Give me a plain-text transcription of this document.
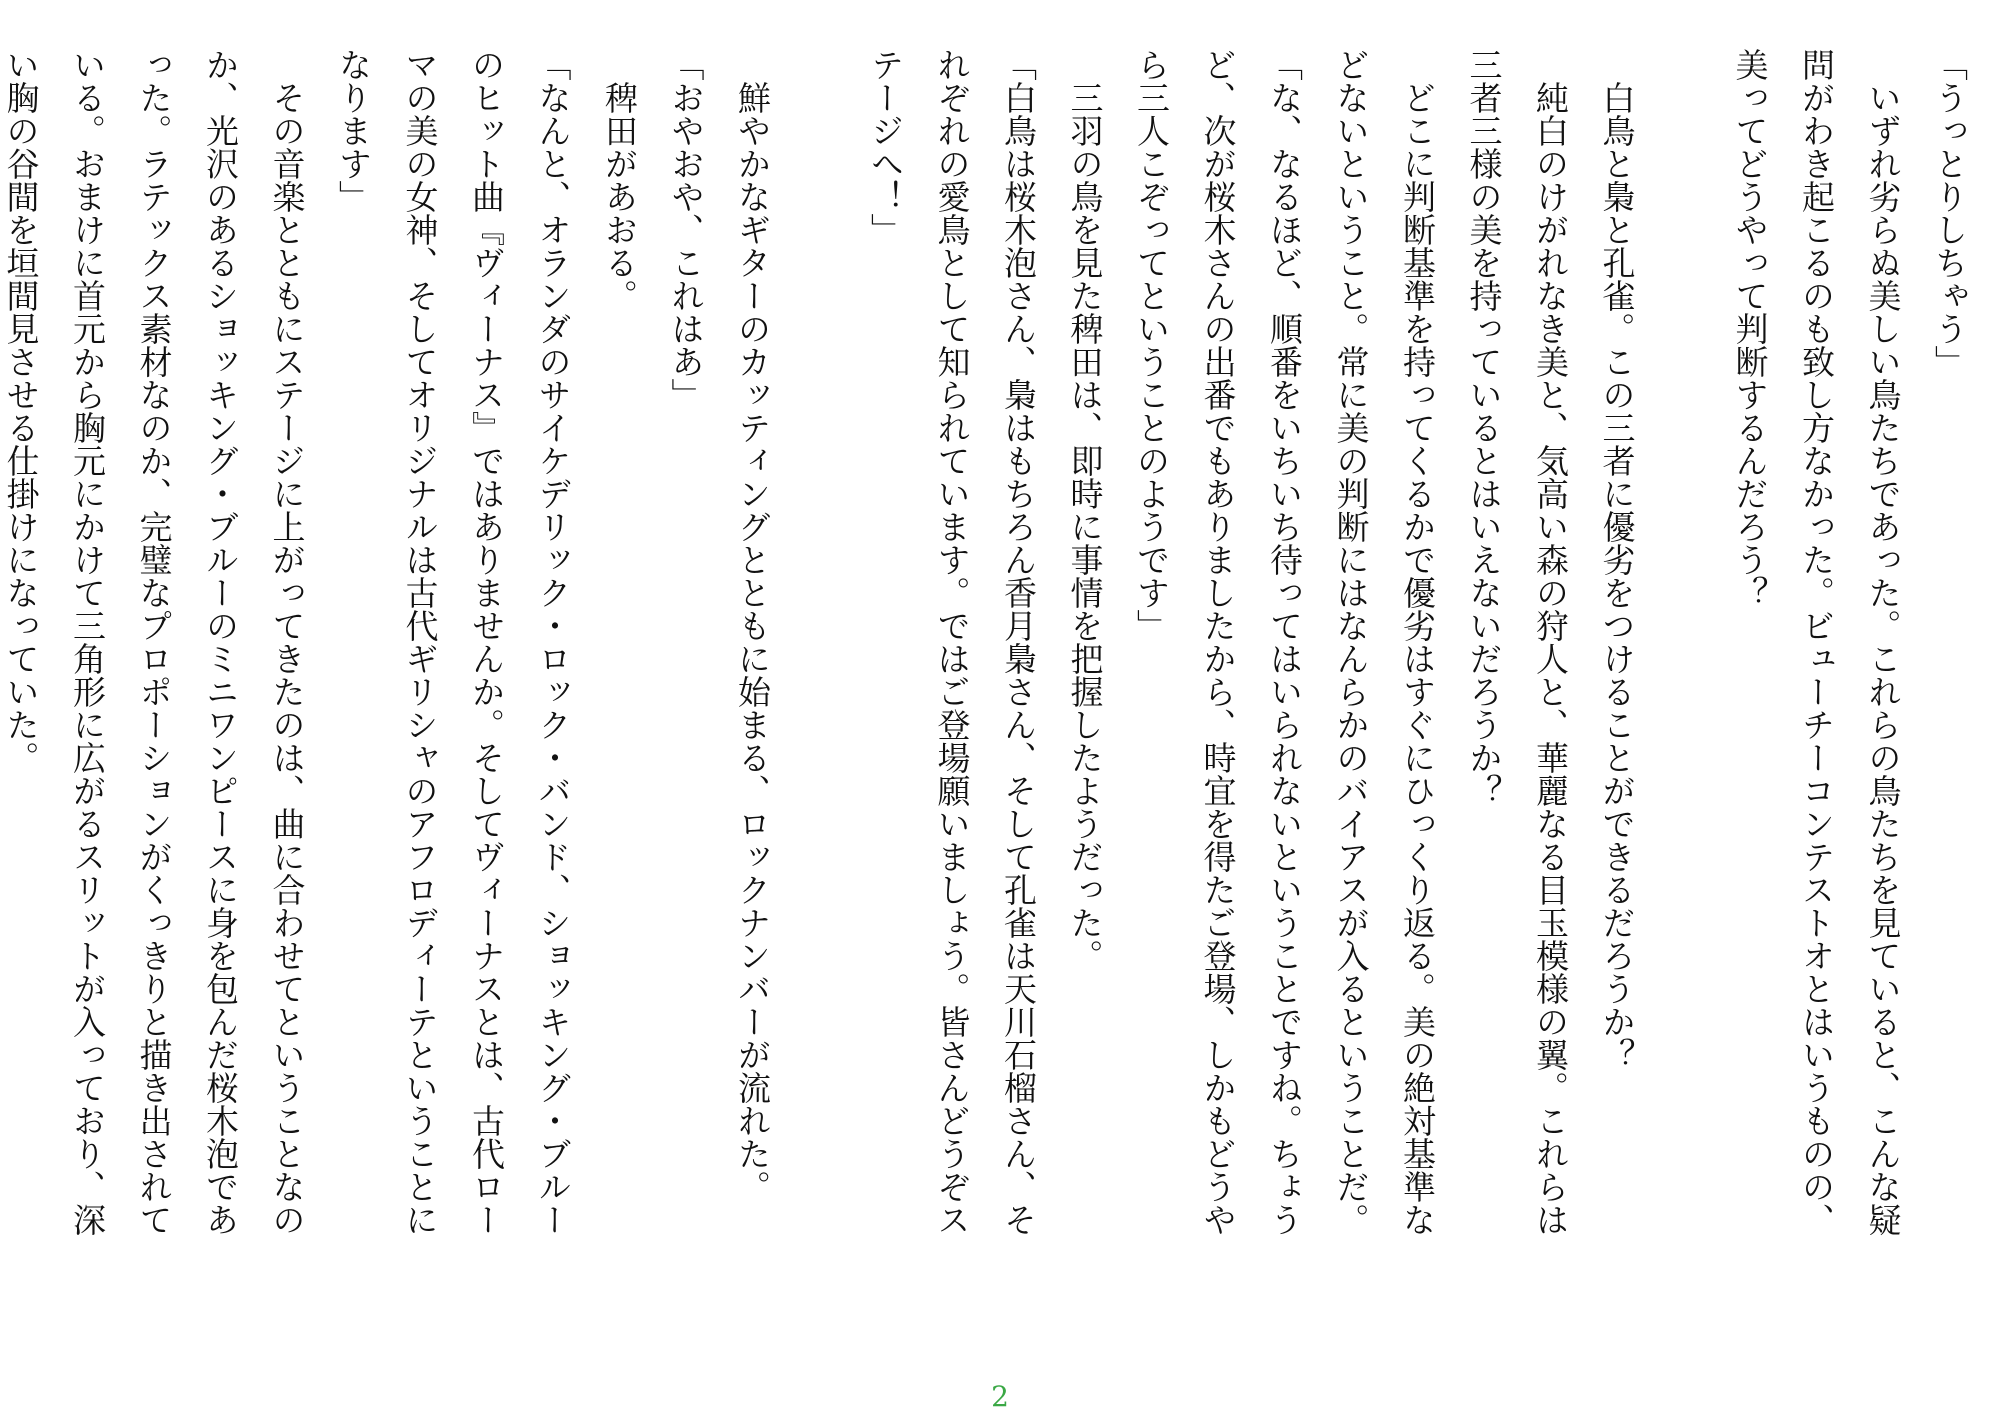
「うっとりしちゃう」
いずれ劣らぬ美しい鳥たちであった。これらの鳥たちを見ていると、こんな疑
問がわき起こるのも致し方なかった。ビューチーコンテストオとはいうものの、
美ってどうやって判断するんだろう？

白鳥と梟と孔雀。この三者に優劣をつけることができるだろうか？
純白のけがれなき美と、気高い森の狩人と、華麗なる目玉模様の翼。これらは
三者三様の美を持っているとはいえないだろうか？
どこに判断基準を持ってくるかで優劣はすぐにひっくり返る。美の絶対基準な
どないということ。常に美の判断にはなんらかのバイアスが入るということだ。
「な、なるほど、順番をいちいち待ってはいられないということですね。ちょう
ど、次が桜木さんの出番でもありましたから、時宜を得たご登場、しかもどうや
ら三人こぞってということのようです」
三羽の鳥を見た稗田は、即時に事情を把握したようだった。
「白鳥は桜木泡さん、梟はもちろん香月梟さん、そして孔雀は天川石榴さん、そ
れぞれの愛鳥として知られています。ではご登場願いましょう。皆さんどうぞス
テージへ！」

鮮やかなギターのカッティングとともに始まる、ロックナンバーが流れた。
「おやおや、これはあ」
稗田があおる。
「なんと、オランダのサイケデリック・ロック・バンド、ショッキング・ブルー
のヒット曲『ヴィーナス』ではありませんか。そしてヴィーナスとは、古代ロー
マの美の女神、そしてオリジナルは古代ギリシャのアフロディーテということに
なります」
その音楽とともにステージに上がってきたのは、曲に合わせてということなの
か、光沢のあるショッキング・ブルーのミニワンピースに身を包んだ桜木泡であ
った。ラテックス素材なのか、完璧なプロポーションがくっきりと描き出されて
いる。おまけに首元から胸元にかけて三角形に広がるスリットが入っており、深
い胸の谷間を垣間見させる仕掛けになっていた。
2
